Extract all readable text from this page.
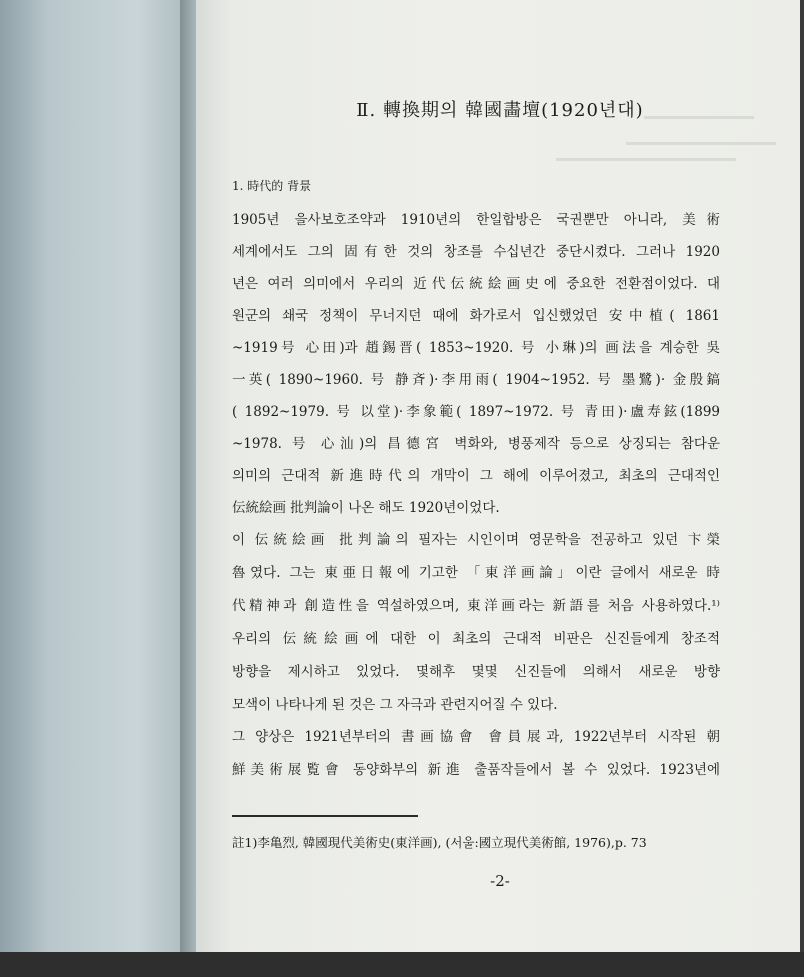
Ⅱ. 轉換期의 韓國畵壇(1920년대)
1. 時代的 背景
1905년 을사보호조약과 1910년의 한일합방은 국권뿐만 아니라, 美術
세계에서도 그의 固有한 것의 창조를 수십년간 중단시켰다. 그러나 1920
년은 여러 의미에서 우리의 近代伝統絵画史에 중요한 전환점이었다. 대
원군의 쇄국 정책이 무너지던 때에 화가로서 입신했었던 安中植( 1861
~1919号 心田)과 趙錫晋( 1853~1920. 号 小琳)의 画法을 계승한 吳
一英( 1890~1960. 号 静斉)·李用雨( 1904~1952. 号 墨鷺)· 金殷鎬
( 1892~1979. 号 以堂)·李象範( 1897~1972. 号 青田)·盧寿鉉(1899
~1978. 号 心汕)의 昌德宮 벽화와, 병풍제작 등으로 상징되는 참다운
의미의 근대적 新進時代의 개막이 그 해에 이루어졌고, 최초의 근대적인
伝統絵画 批判論이 나온 해도 1920년이었다.
이 伝統絵画 批判論의 필자는 시인이며 영문학을 전공하고 있던 卞榮
魯였다. 그는 東亜日報에 기고한 「東洋画論」이란 글에서 새로운 時
代精神과 創造性을 역설하였으며, 東洋画라는 新語를 처음 사용하였다.¹⁾
우리의 伝統絵画에 대한 이 최초의 근대적 비판은 신진들에게 창조적
방향을 제시하고 있었다. 몇해후 몇몇 신진들에 의해서 새로운 방향
모색이 나타나게 된 것은 그 자극과 관련지어질 수 있다.
그 양상은 1921년부터의 書画協會 會員展과, 1922년부터 시작된 朝
鮮美術展覧會 동양화부의 新進 출품작들에서 볼 수 있었다. 1923년에
註1)李亀烈, 韓國現代美術史(東洋画), (서울:國立現代美術館, 1976),p. 73
-2-
